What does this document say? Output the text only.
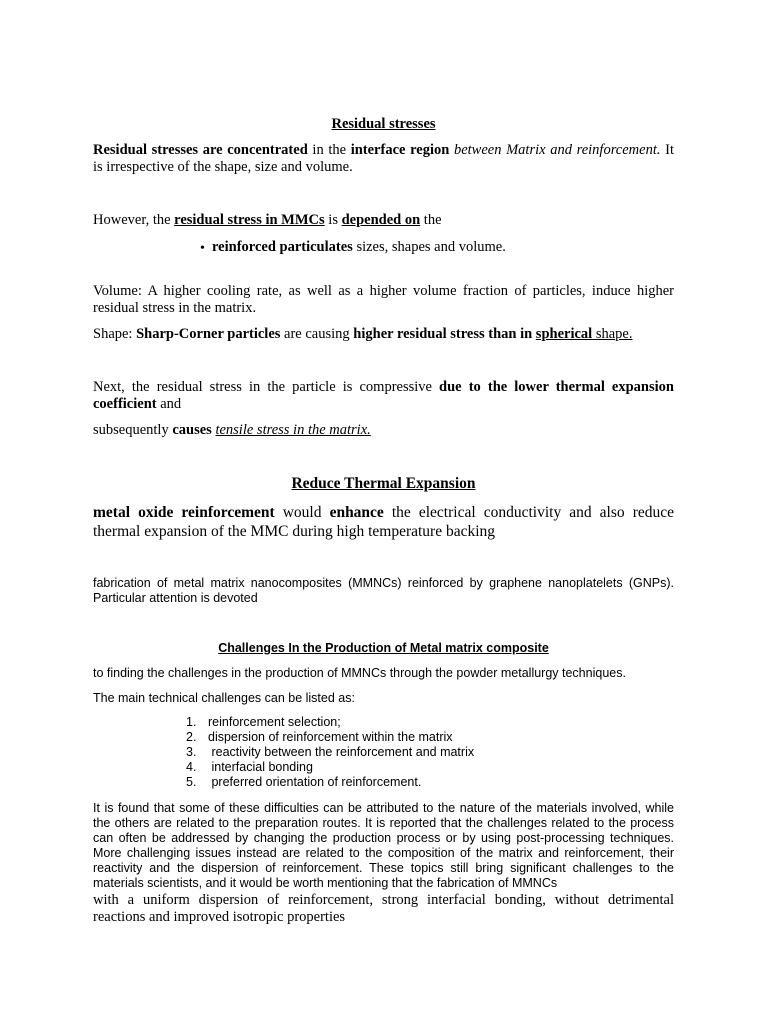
Residual stresses

Residual stresses are concentrated in the interface region between Matrix and reinforcement. It is irrespective of the shape, size and volume.

However, the residual stress in MMCs is depended on the

• reinforced particulates sizes, shapes and volume.

Volume: A higher cooling rate, as well as a higher volume fraction of particles, induce higher residual stress in the matrix.

Shape: Sharp-Corner particles are causing higher residual stress than in spherical shape.

Next, the residual stress in the particle is compressive due to the lower thermal expansion coefficient and

subsequently causes tensile stress in the matrix.

Reduce Thermal Expansion

metal oxide reinforcement would enhance the electrical conductivity and also reduce thermal expansion of the MMC during high temperature backing

fabrication of metal matrix nanocomposites (MMNCs) reinforced by graphene nanoplatelets (GNPs). Particular attention is devoted

Challenges In the Production of Metal matrix composite

to finding the challenges in the production of MMNCs through the powder metallurgy techniques.

The main technical challenges can be listed as:

1. reinforcement selection;
2. dispersion of reinforcement within the matrix
3. reactivity between the reinforcement and matrix
4. interfacial bonding
5. preferred orientation of reinforcement.

It is found that some of these difficulties can be attributed to the nature of the materials involved, while the others are related to the preparation routes. It is reported that the challenges related to the process can often be addressed by changing the production process or by using post-processing techniques. More challenging issues instead are related to the composition of the matrix and reinforcement, their reactivity and the dispersion of reinforcement. These topics still bring significant challenges to the materials scientists, and it would be worth mentioning that the fabrication of MMNCs

with a uniform dispersion of reinforcement, strong interfacial bonding, without detrimental reactions and improved isotropic properties
